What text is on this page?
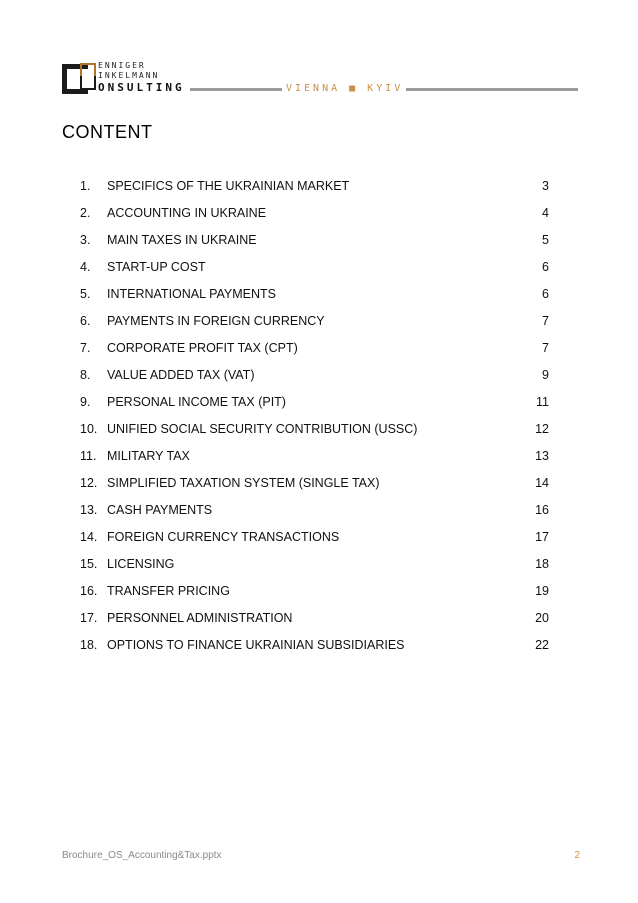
ENNIGER
INKELMANN
ONSULTING	VIENNA ■ KYIV
CONTENT
1. SPECIFICS OF THE UKRAINIAN MARKET	3
2. ACCOUNTING IN UKRAINE	4
3. MAIN TAXES IN UKRAINE	5
4. START-UP COST	6
5. INTERNATIONAL PAYMENTS	6
6. PAYMENTS IN FOREIGN CURRENCY	7
7. CORPORATE PROFIT TAX (CPT)	7
8. VALUE ADDED TAX (VAT)	9
9. PERSONAL INCOME TAX (PIT)	11
10. UNIFIED SOCIAL SECURITY CONTRIBUTION (USSC)	12
11. MILITARY TAX	13
12. SIMPLIFIED TAXATION SYSTEM (SINGLE TAX)	14
13. CASH PAYMENTS	16
14. FOREIGN CURRENCY TRANSACTIONS	17
15. LICENSING	18
16. TRANSFER PRICING	19
17. PERSONNEL ADMINISTRATION	20
18. OPTIONS TO FINANCE UKRAINIAN SUBSIDIARIES	22
Brochure_OS_Accounting&Tax.pptx	2
